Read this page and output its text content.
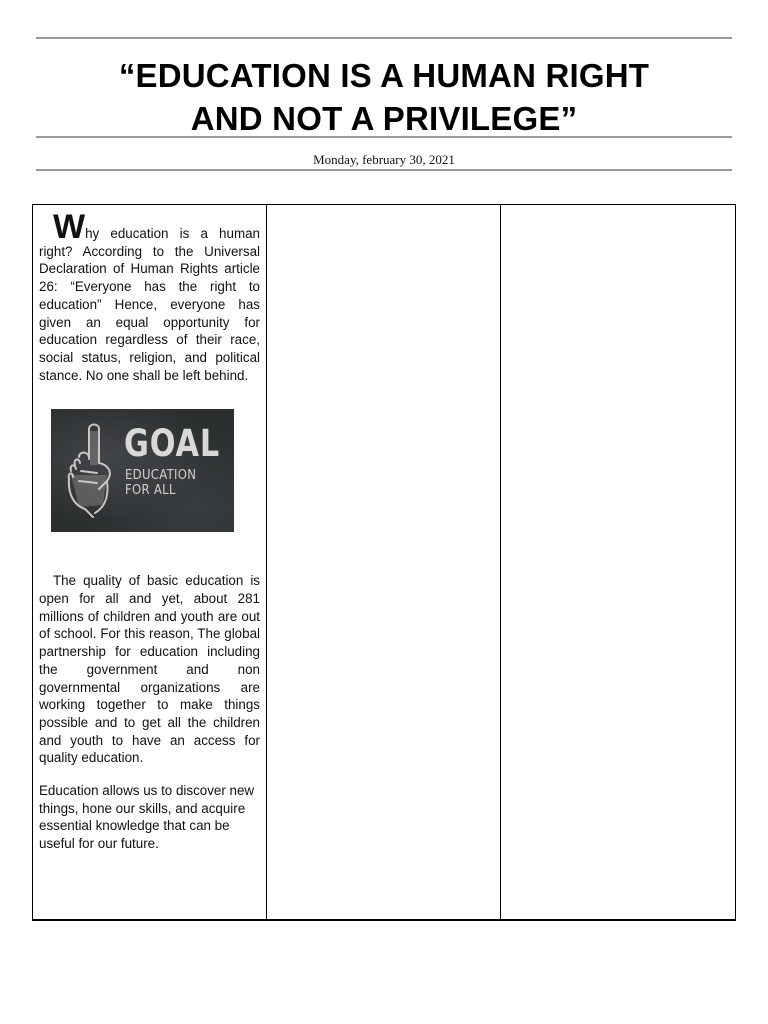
“EDUCATION IS A HUMAN RIGHT
AND NOT A PRIVILEGE”
Monday, february 30, 2021

Why education is a human right? According to the Universal Declaration of Human Rights article 26: “Everyone has the right to education” Hence, everyone has given an equal opportunity for education regardless of their race, social status, religion, and political stance. No one shall be left behind.

GOAL
EDUCATION
FOR ALL

The quality of basic education is open for all and yet, about 281 millions of children and youth are out of school. For this reason, The global partnership for education including the government and non governmental organizations are working together to make things possible and to get all the children and youth to have an access for quality education.

Education allows us to discover new things, hone our skills, and acquire essential knowledge that can be useful for our future.
